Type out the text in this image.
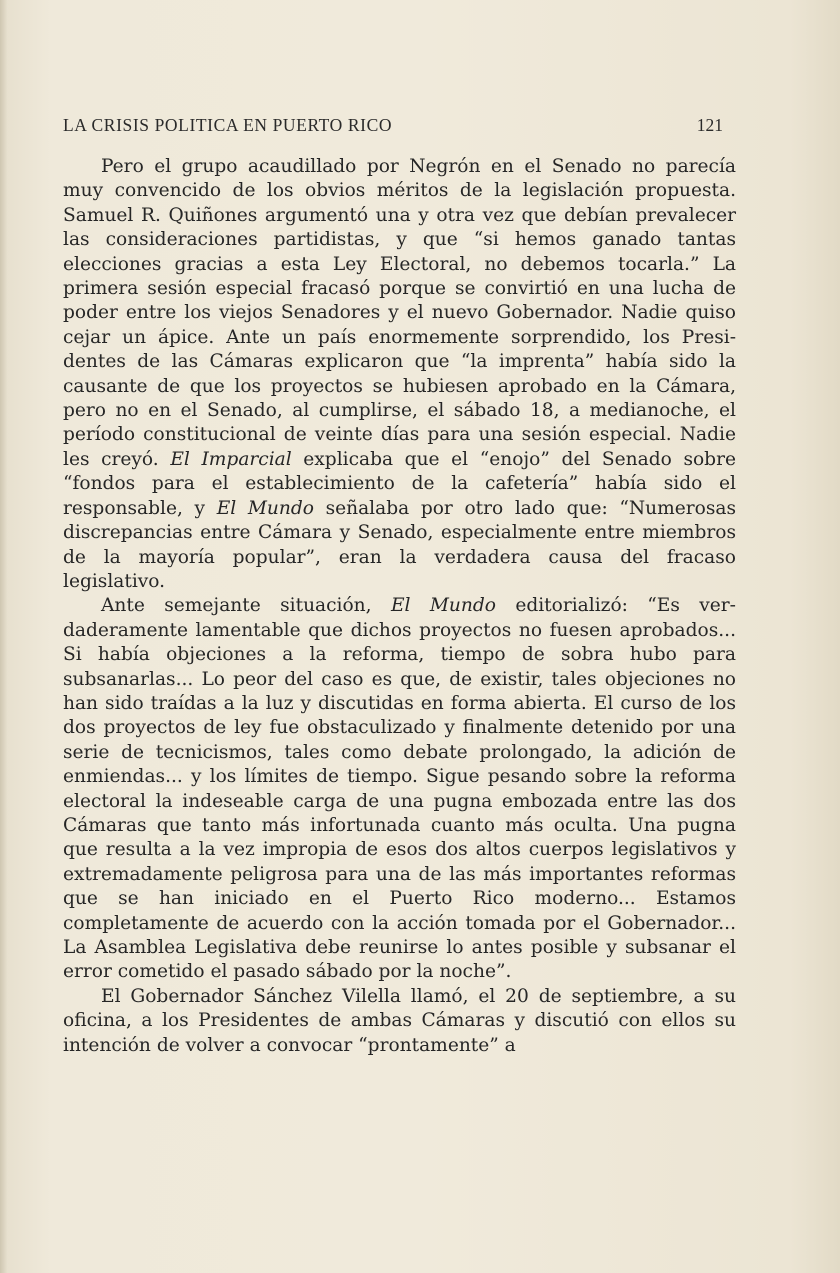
LA CRISIS POLITICA EN PUERTO RICO	121

Pero el grupo acaudillado por Negrón en el Senado no parecía muy convencido de los obvios méritos de la legislación propuesta. Samuel R. Quiñones argumentó una y otra vez que debían prevalecer las consideraciones partidistas, y que “si hemos ganado tantas elecciones gracias a esta Ley Electoral, no debemos tocarla.” La primera sesión especial fracasó porque se convirtió en una lucha de poder entre los viejos Senadores y el nuevo Gobernador. Nadie quiso cejar un ápice. Ante un país enormemente sorprendido, los Presidentes de las Cámaras explicaron que “la imprenta” había sido la causante de que los proyectos se hubiesen aprobado en la Cámara, pero no en el Senado, al cumplirse, el sábado 18, a medianoche, el período constitucional de veinte días para una sesión especial. Nadie les creyó. El Imparcial explicaba que el “enojo” del Senado sobre “fondos para el establecimiento de la cafetería” había sido el responsable, y El Mundo señalaba por otro lado que: “Numerosas discrepancias entre Cámara y Senado, especialmente entre miembros de la mayoría popular”, eran la verdadera causa del fracaso legislativo.

Ante semejante situación, El Mundo editorializó: “Es verdaderamente lamentable que dichos proyectos no fuesen aprobados... Si había objeciones a la reforma, tiempo de sobra hubo para subsanarlas... Lo peor del caso es que, de existir, tales objeciones no han sido traídas a la luz y discutidas en forma abierta. El curso de los dos proyectos de ley fue obstaculizado y finalmente detenido por una serie de tecnicismos, tales como debate prolongado, la adición de enmiendas... y los límites de tiempo. Sigue pesando sobre la reforma electoral la indeseable carga de una pugna embozada entre las dos Cámaras que tanto más infortunada cuanto más oculta. Una pugna que resulta a la vez impropia de esos dos altos cuerpos legislativos y extremadamente peligrosa para una de las más importantes reformas que se han iniciado en el Puerto Rico moderno... Estamos completamente de acuerdo con la acción tomada por el Gobernador... La Asamblea Legislativa debe reunirse lo antes posible y subsanar el error cometido el pasado sábado por la noche”.

El Gobernador Sánchez Vilella llamó, el 20 de septiembre, a su oficina, a los Presidentes de ambas Cámaras y discutió con ellos su intención de volver a convocar “prontamente” a
